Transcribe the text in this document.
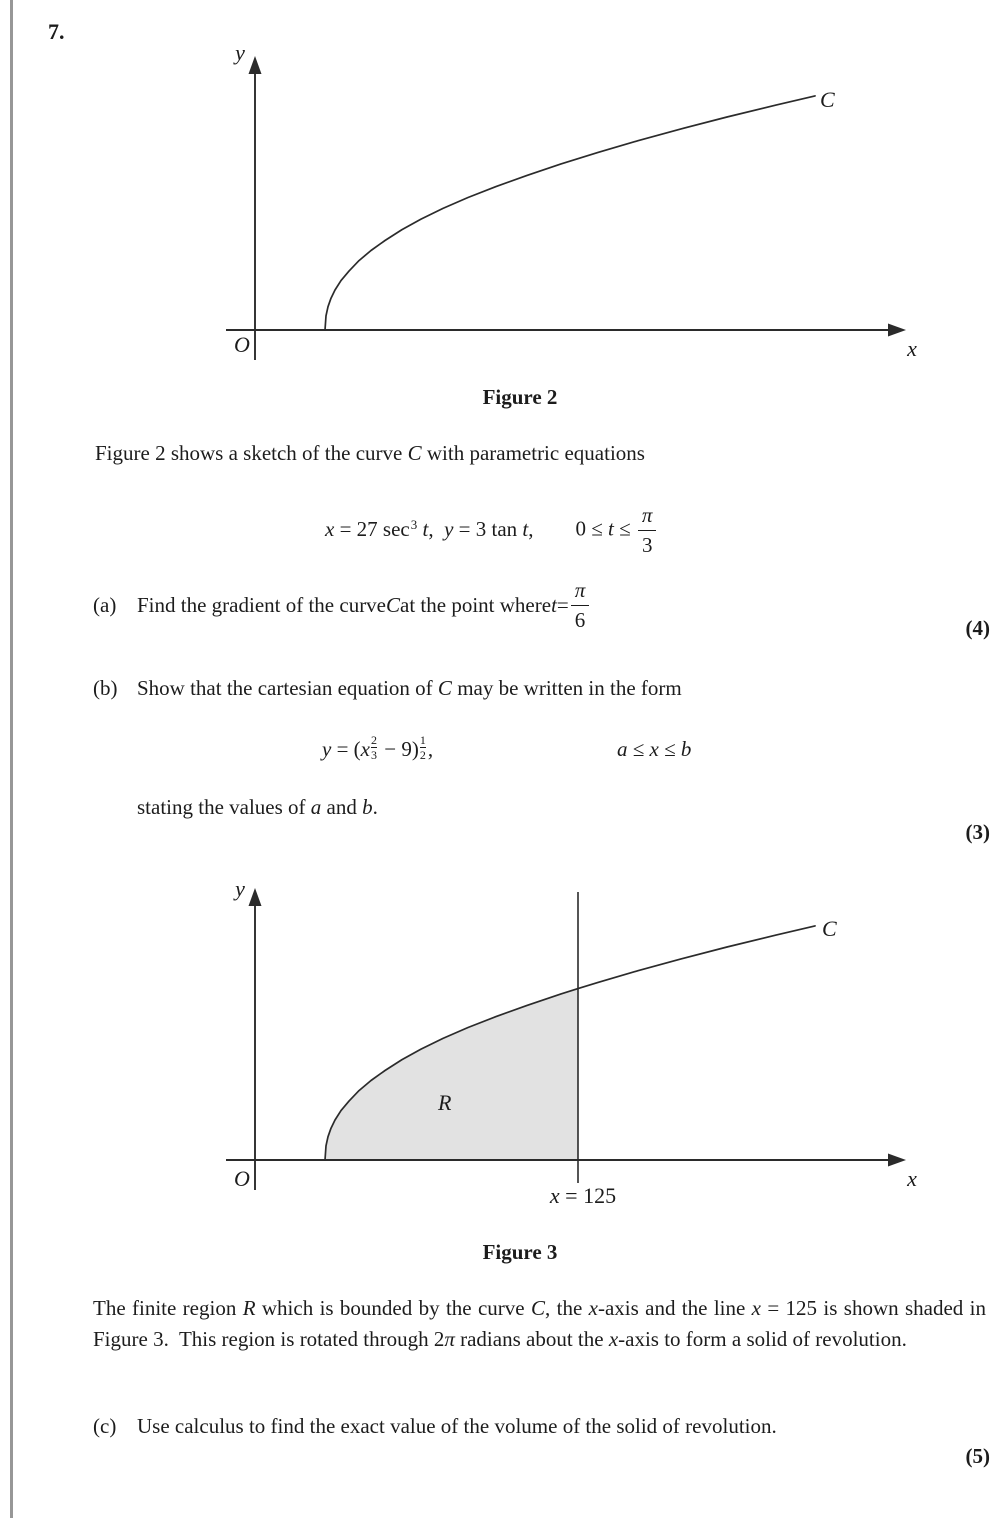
7.
y
O	x
C
Figure 2
Figure 2 shows a sketch of the curve C with parametric equations
x = 27 $\sec^3 t$,  y = 3 tan t, $0 \le t \le \frac{\pi}{3}$
(a) Find the gradient of the curve C at the point where $t = \frac{\pi}{6}$	(4)
(b) Show that the cartesian equation of C may be written in the form
$y = (x \frac{2}{3} - 9) \frac{1}{2}$ ,	a ≤ x ≤ b
stating the values of a and b.
(3)
y
O	x
C
R
x = 125
Figure 3
The finite region R which is bounded by the curve C, the x-axis and the line x = 125 is shown shaded in Figure 3.  This region is rotated through 2π radians about the x-axis to form a solid of revolution.
(c) Use calculus to find the exact value of the volume of the solid of revolution.
(5)
